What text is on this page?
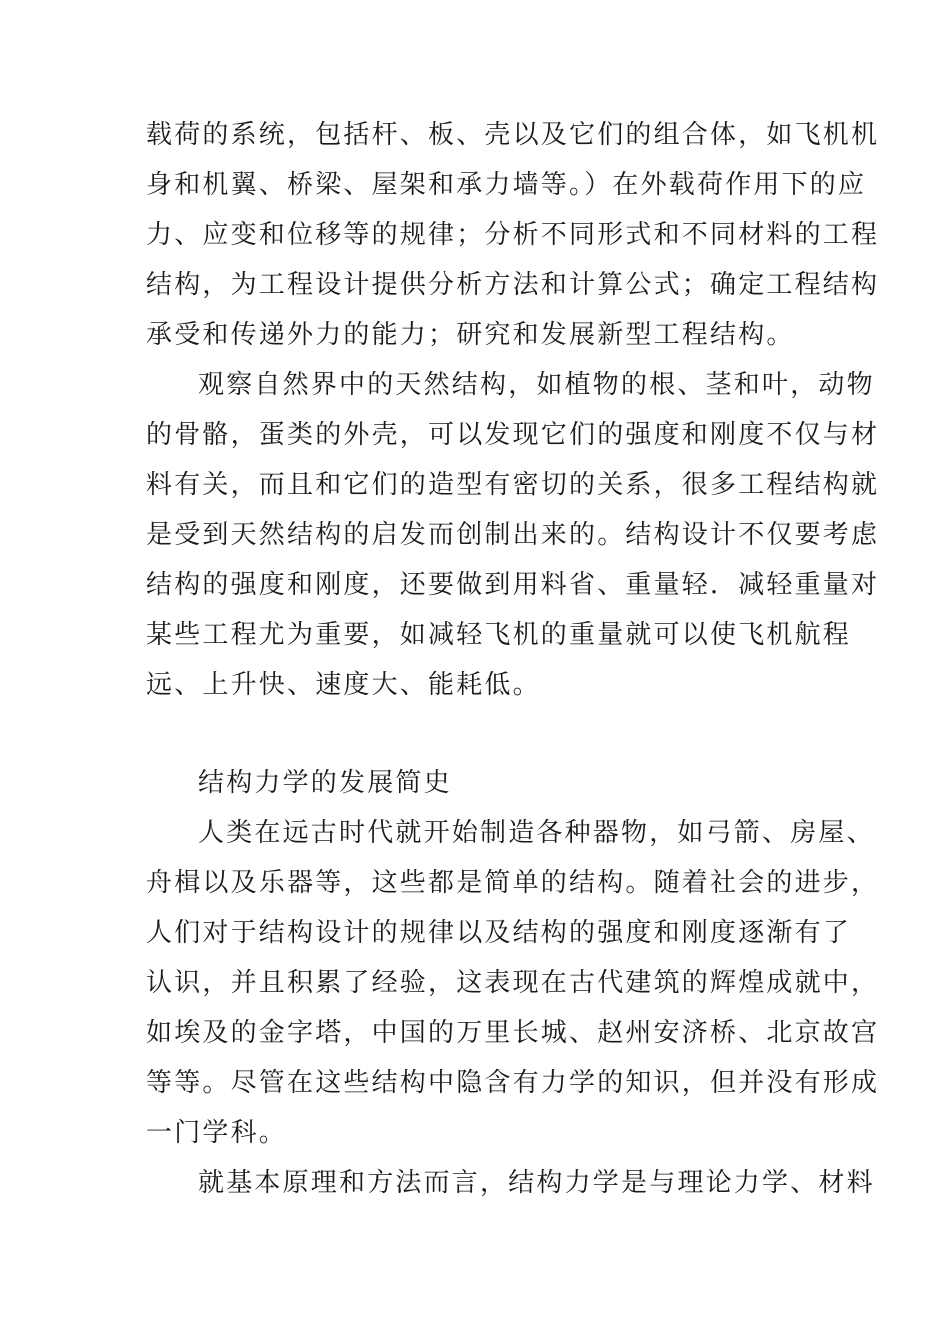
载荷的系统，包括杆、板、壳以及它们的组合体，如飞机机
身和机翼、桥梁、屋架和承力墙等。）在外载荷作用下的应
力、应变和位移等的规律；分析不同形式和不同材料的工程
结构，为工程设计提供分析方法和计算公式；确定工程结构
承受和传递外力的能力；研究和发展新型工程结构。
观察自然界中的天然结构，如植物的根、茎和叶，动物
的骨骼，蛋类的外壳，可以发现它们的强度和刚度不仅与材
料有关，而且和它们的造型有密切的关系，很多工程结构就
是受到天然结构的启发而创制出来的。结构设计不仅要考虑
结构的强度和刚度，还要做到用料省、重量轻．减轻重量对
某些工程尤为重要，如减轻飞机的重量就可以使飞机航程
远、上升快、速度大、能耗低。
结构力学的发展简史
人类在远古时代就开始制造各种器物，如弓箭、房屋、
舟楫以及乐器等，这些都是简单的结构。随着社会的进步，
人们对于结构设计的规律以及结构的强度和刚度逐渐有了
认识，并且积累了经验，这表现在古代建筑的辉煌成就中，
如埃及的金字塔，中国的万里长城、赵州安济桥、北京故宫
等等。尽管在这些结构中隐含有力学的知识，但并没有形成
一门学科。
就基本原理和方法而言，结构力学是与理论力学、材料
